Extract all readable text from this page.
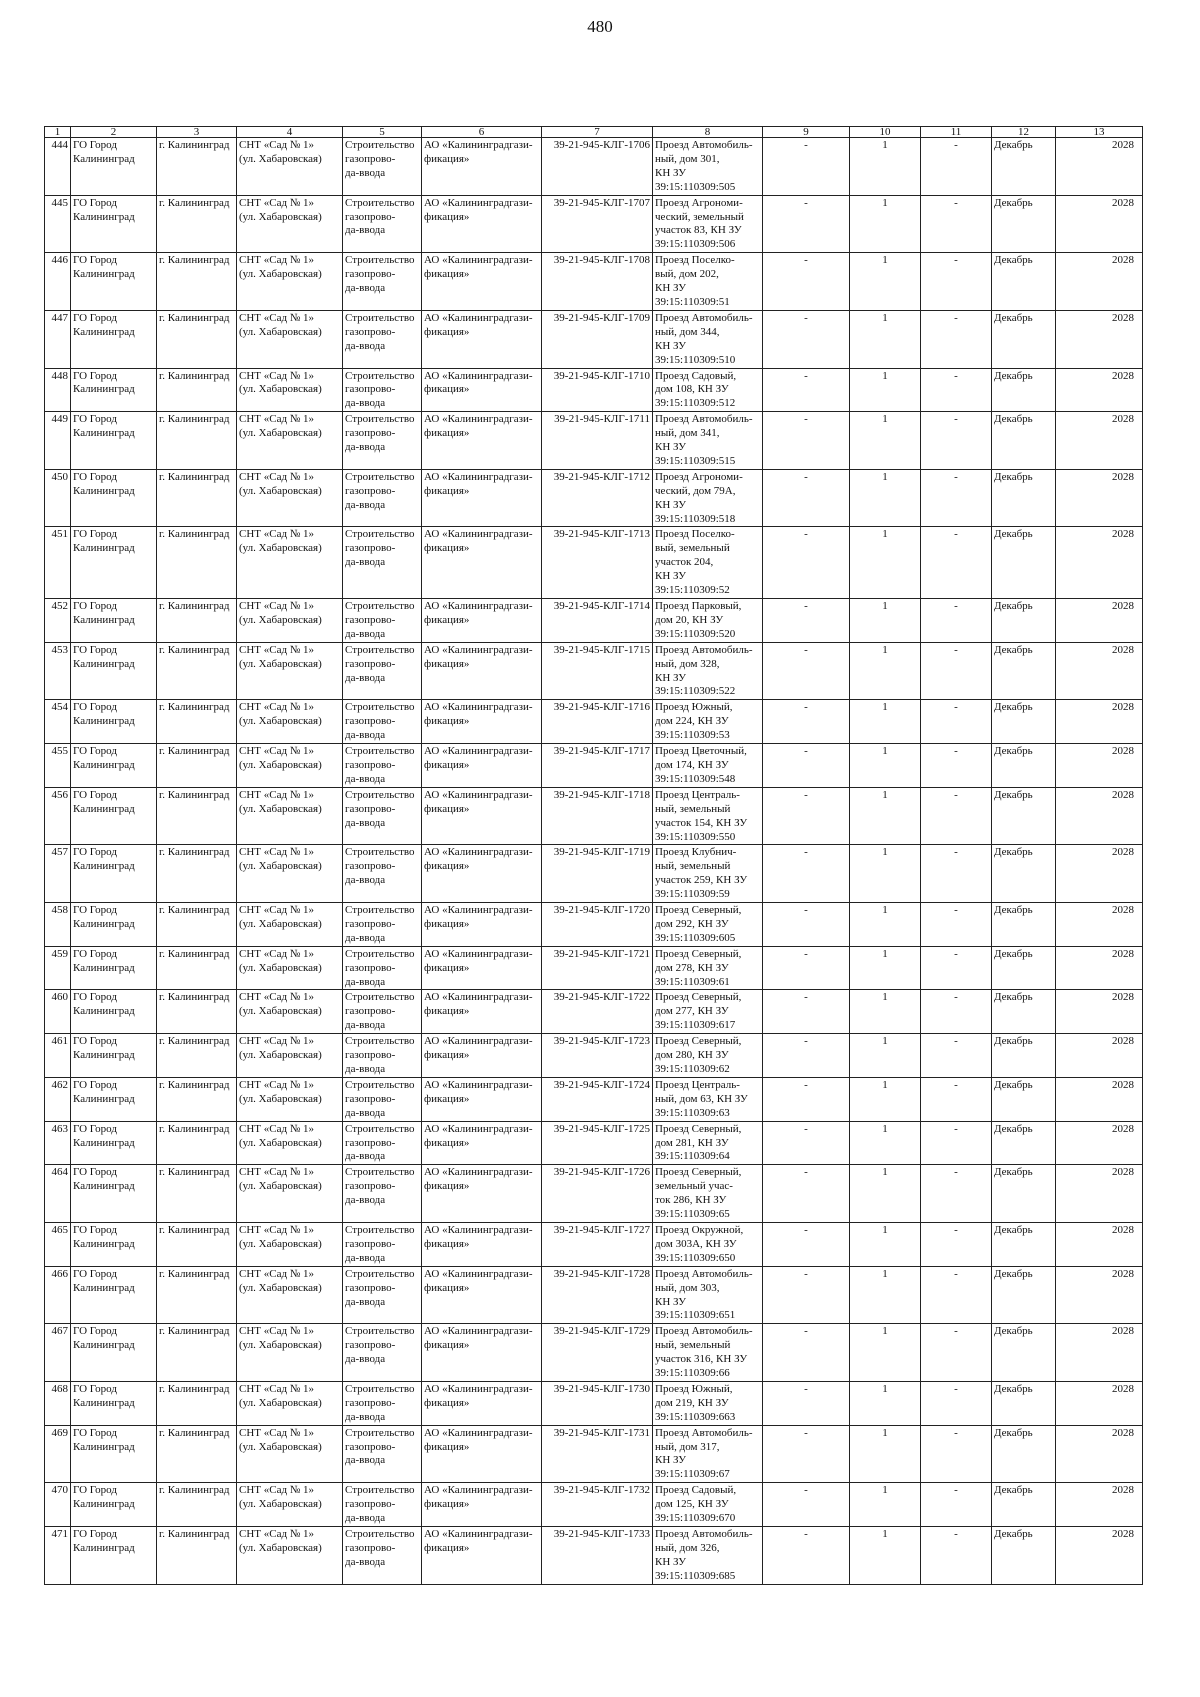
480
1	2	3	4	5	6	7	8	9	10	11	12	13
444	ГО Город
Калининград	г. Калининград	СНТ «Сад № 1»
(ул. Хабаровская)	Строительство
газопрово-
да-ввода	АО «Калининградгази-
фикация»	39-21-945-КЛГ-1706	Проезд Автомобиль-
ный, дом 301,
КН ЗУ
39:15:110309:505	-	1	-	Декабрь	2028
445	ГО Город
Калининград	г. Калининград	СНТ «Сад № 1»
(ул. Хабаровская)	Строительство
газопрово-
да-ввода	АО «Калининградгази-
фикация»	39-21-945-КЛГ-1707	Проезд Агрономи-
ческий, земельный
участок 83, КН ЗУ
39:15:110309:506	-	1	-	Декабрь	2028
446	ГО Город
Калининград	г. Калининград	СНТ «Сад № 1»
(ул. Хабаровская)	Строительство
газопрово-
да-ввода	АО «Калининградгази-
фикация»	39-21-945-КЛГ-1708	Проезд Поселко-
вый, дом 202,
КН ЗУ
39:15:110309:51	-	1	-	Декабрь	2028
447	ГО Город
Калининград	г. Калининград	СНТ «Сад № 1»
(ул. Хабаровская)	Строительство
газопрово-
да-ввода	АО «Калининградгази-
фикация»	39-21-945-КЛГ-1709	Проезд Автомобиль-
ный, дом 344,
КН ЗУ
39:15:110309:510	-	1	-	Декабрь	2028
448	ГО Город
Калининград	г. Калининград	СНТ «Сад № 1»
(ул. Хабаровская)	Строительство
газопрово-
да-ввода	АО «Калининградгази-
фикация»	39-21-945-КЛГ-1710	Проезд Садовый,
дом 108, КН ЗУ
39:15:110309:512	-	1	-	Декабрь	2028
449	ГО Город
Калининград	г. Калининград	СНТ «Сад № 1»
(ул. Хабаровская)	Строительство
газопрово-
да-ввода	АО «Калининградгази-
фикация»	39-21-945-КЛГ-1711	Проезд Автомобиль-
ный, дом 341,
КН ЗУ
39:15:110309:515	-	1	-	Декабрь	2028
450	ГО Город
Калининград	г. Калининград	СНТ «Сад № 1»
(ул. Хабаровская)	Строительство
газопрово-
да-ввода	АО «Калининградгази-
фикация»	39-21-945-КЛГ-1712	Проезд Агрономи-
ческий, дом 79А,
КН ЗУ
39:15:110309:518	-	1	-	Декабрь	2028
451	ГО Город
Калининград	г. Калининград	СНТ «Сад № 1»
(ул. Хабаровская)	Строительство
газопрово-
да-ввода	АО «Калининградгази-
фикация»	39-21-945-КЛГ-1713	Проезд Поселко-
вый, земельный
участок 204,
КН ЗУ
39:15:110309:52	-	1	-	Декабрь	2028
452	ГО Город
Калининград	г. Калининград	СНТ «Сад № 1»
(ул. Хабаровская)	Строительство
газопрово-
да-ввода	АО «Калининградгази-
фикация»	39-21-945-КЛГ-1714	Проезд Парковый,
дом 20, КН ЗУ
39:15:110309:520	-	1	-	Декабрь	2028
453	ГО Город
Калининград	г. Калининград	СНТ «Сад № 1»
(ул. Хабаровская)	Строительство
газопрово-
да-ввода	АО «Калининградгази-
фикация»	39-21-945-КЛГ-1715	Проезд Автомобиль-
ный, дом 328,
КН ЗУ
39:15:110309:522	-	1	-	Декабрь	2028
454	ГО Город
Калининград	г. Калининград	СНТ «Сад № 1»
(ул. Хабаровская)	Строительство
газопрово-
да-ввода	АО «Калининградгази-
фикация»	39-21-945-КЛГ-1716	Проезд Южный,
дом 224, КН ЗУ
39:15:110309:53	-	1	-	Декабрь	2028
455	ГО Город
Калининград	г. Калининград	СНТ «Сад № 1»
(ул. Хабаровская)	Строительство
газопрово-
да-ввода	АО «Калининградгази-
фикация»	39-21-945-КЛГ-1717	Проезд Цветочный,
дом 174, КН ЗУ
39:15:110309:548	-	1	-	Декабрь	2028
456	ГО Город
Калининград	г. Калининград	СНТ «Сад № 1»
(ул. Хабаровская)	Строительство
газопрово-
да-ввода	АО «Калининградгази-
фикация»	39-21-945-КЛГ-1718	Проезд Централь-
ный, земельный
участок 154, КН ЗУ
39:15:110309:550	-	1	-	Декабрь	2028
457	ГО Город
Калининград	г. Калининград	СНТ «Сад № 1»
(ул. Хабаровская)	Строительство
газопрово-
да-ввода	АО «Калининградгази-
фикация»	39-21-945-КЛГ-1719	Проезд Клубнич-
ный, земельный
участок 259, КН ЗУ
39:15:110309:59	-	1	-	Декабрь	2028
458	ГО Город
Калининград	г. Калининград	СНТ «Сад № 1»
(ул. Хабаровская)	Строительство
газопрово-
да-ввода	АО «Калининградгази-
фикация»	39-21-945-КЛГ-1720	Проезд Северный,
дом 292, КН ЗУ
39:15:110309:605	-	1	-	Декабрь	2028
459	ГО Город
Калининград	г. Калининград	СНТ «Сад № 1»
(ул. Хабаровская)	Строительство
газопрово-
да-ввода	АО «Калининградгази-
фикация»	39-21-945-КЛГ-1721	Проезд Северный,
дом 278, КН ЗУ
39:15:110309:61	-	1	-	Декабрь	2028
460	ГО Город
Калининград	г. Калининград	СНТ «Сад № 1»
(ул. Хабаровская)	Строительство
газопрово-
да-ввода	АО «Калининградгази-
фикация»	39-21-945-КЛГ-1722	Проезд Северный,
дом 277, КН ЗУ
39:15:110309:617	-	1	-	Декабрь	2028
461	ГО Город
Калининград	г. Калининград	СНТ «Сад № 1»
(ул. Хабаровская)	Строительство
газопрово-
да-ввода	АО «Калининградгази-
фикация»	39-21-945-КЛГ-1723	Проезд Северный,
дом 280, КН ЗУ
39:15:110309:62	-	1	-	Декабрь	2028
462	ГО Город
Калининград	г. Калининград	СНТ «Сад № 1»
(ул. Хабаровская)	Строительство
газопрово-
да-ввода	АО «Калининградгази-
фикация»	39-21-945-КЛГ-1724	Проезд Централь-
ный, дом 63, КН ЗУ
39:15:110309:63	-	1	-	Декабрь	2028
463	ГО Город
Калининград	г. Калининград	СНТ «Сад № 1»
(ул. Хабаровская)	Строительство
газопрово-
да-ввода	АО «Калининградгази-
фикация»	39-21-945-КЛГ-1725	Проезд Северный,
дом 281, КН ЗУ
39:15:110309:64	-	1	-	Декабрь	2028
464	ГО Город
Калининград	г. Калининград	СНТ «Сад № 1»
(ул. Хабаровская)	Строительство
газопрово-
да-ввода	АО «Калининградгази-
фикация»	39-21-945-КЛГ-1726	Проезд Северный,
земельный учас-
ток 286, КН ЗУ
39:15:110309:65	-	1	-	Декабрь	2028
465	ГО Город
Калининград	г. Калининград	СНТ «Сад № 1»
(ул. Хабаровская)	Строительство
газопрово-
да-ввода	АО «Калининградгази-
фикация»	39-21-945-КЛГ-1727	Проезд Окружной,
дом 303А, КН ЗУ
39:15:110309:650	-	1	-	Декабрь	2028
466	ГО Город
Калининград	г. Калининград	СНТ «Сад № 1»
(ул. Хабаровская)	Строительство
газопрово-
да-ввода	АО «Калининградгази-
фикация»	39-21-945-КЛГ-1728	Проезд Автомобиль-
ный, дом 303,
КН ЗУ
39:15:110309:651	-	1	-	Декабрь	2028
467	ГО Город
Калининград	г. Калининград	СНТ «Сад № 1»
(ул. Хабаровская)	Строительство
газопрово-
да-ввода	АО «Калининградгази-
фикация»	39-21-945-КЛГ-1729	Проезд Автомобиль-
ный, земельный
участок 316, КН ЗУ
39:15:110309:66	-	1	-	Декабрь	2028
468	ГО Город
Калининград	г. Калининград	СНТ «Сад № 1»
(ул. Хабаровская)	Строительство
газопрово-
да-ввода	АО «Калининградгази-
фикация»	39-21-945-КЛГ-1730	Проезд Южный,
дом 219, КН ЗУ
39:15:110309:663	-	1	-	Декабрь	2028
469	ГО Город
Калининград	г. Калининград	СНТ «Сад № 1»
(ул. Хабаровская)	Строительство
газопрово-
да-ввода	АО «Калининградгази-
фикация»	39-21-945-КЛГ-1731	Проезд Автомобиль-
ный, дом 317,
КН ЗУ
39:15:110309:67	-	1	-	Декабрь	2028
470	ГО Город
Калининград	г. Калининград	СНТ «Сад № 1»
(ул. Хабаровская)	Строительство
газопрово-
да-ввода	АО «Калининградгази-
фикация»	39-21-945-КЛГ-1732	Проезд Садовый,
дом 125, КН ЗУ
39:15:110309:670	-	1	-	Декабрь	2028
471	ГО Город
Калининград	г. Калининград	СНТ «Сад № 1»
(ул. Хабаровская)	Строительство
газопрово-
да-ввода	АО «Калининградгази-
фикация»	39-21-945-КЛГ-1733	Проезд Автомобиль-
ный, дом 326,
КН ЗУ
39:15:110309:685	-	1	-	Декабрь	2028
